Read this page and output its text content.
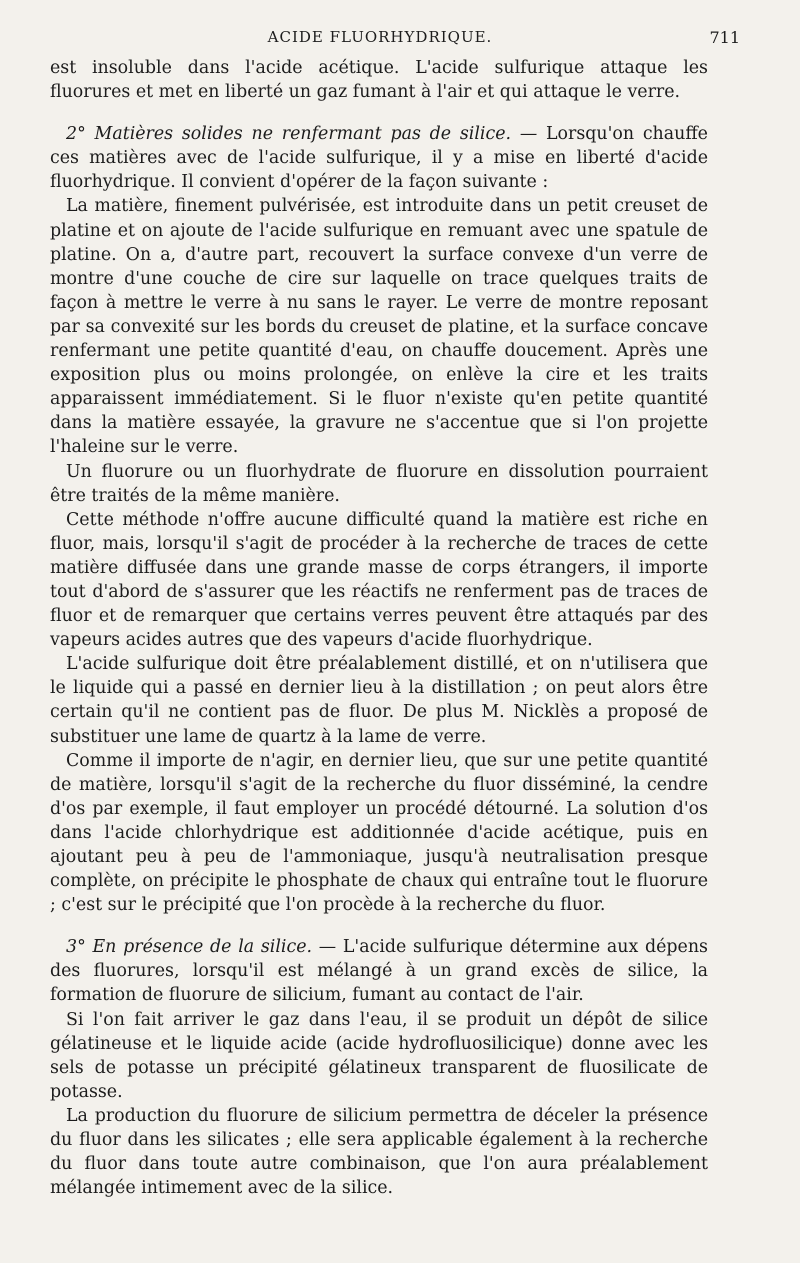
ACIDE FLUORHYDRIQUE.	711

est insoluble dans l'acide acétique. L'acide sulfurique attaque les fluorures et met en liberté un gaz fumant à l'air et qui attaque le verre.

2° Matières solides ne renfermant pas de silice. — Lorsqu'on chauffe ces matières avec de l'acide sulfurique, il y a mise en liberté d'acide fluorhydrique. Il convient d'opérer de la façon suivante :

La matière, finement pulvérisée, est introduite dans un petit creuset de platine et on ajoute de l'acide sulfurique en remuant avec une spatule de platine. On a, d'autre part, recouvert la surface convexe d'un verre de montre d'une couche de cire sur laquelle on trace quelques traits de façon à mettre le verre à nu sans le rayer. Le verre de montre reposant par sa convexité sur les bords du creuset de platine, et la surface concave renfermant une petite quantité d'eau, on chauffe doucement. Après une exposition plus ou moins prolongée, on enlève la cire et les traits apparaissent immédiatement. Si le fluor n'existe qu'en petite quantité dans la matière essayée, la gravure ne s'accentue que si l'on projette l'haleine sur le verre.

Un fluorure ou un fluorhydrate de fluorure en dissolution pourraient être traités de la même manière.

Cette méthode n'offre aucune difficulté quand la matière est riche en fluor, mais, lorsqu'il s'agit de procéder à la recherche de traces de cette matière diffusée dans une grande masse de corps étrangers, il importe tout d'abord de s'assurer que les réactifs ne renferment pas de traces de fluor et de remarquer que certains verres peuvent être attaqués par des vapeurs acides autres que des vapeurs d'acide fluorhydrique.

L'acide sulfurique doit être préalablement distillé, et on n'utilisera que le liquide qui a passé en dernier lieu à la distillation ; on peut alors être certain qu'il ne contient pas de fluor. De plus M. Nicklès a proposé de substituer une lame de quartz à la lame de verre.

Comme il importe de n'agir, en dernier lieu, que sur une petite quantité de matière, lorsqu'il s'agit de la recherche du fluor disséminé, la cendre d'os par exemple, il faut employer un procédé détourné. La solution d'os dans l'acide chlorhydrique est additionnée d'acide acétique, puis en ajoutant peu à peu de l'ammoniaque, jusqu'à neutralisation presque complète, on précipite le phosphate de chaux qui entraîne tout le fluorure ; c'est sur le précipité que l'on procède à la recherche du fluor.

3° En présence de la silice. — L'acide sulfurique détermine aux dépens des fluorures, lorsqu'il est mélangé à un grand excès de silice, la formation de fluorure de silicium, fumant au contact de l'air.

Si l'on fait arriver le gaz dans l'eau, il se produit un dépôt de silice gélatineuse et le liquide acide (acide hydrofluosilicique) donne avec les sels de potasse un précipité gélatineux transparent de fluosilicate de potasse.

La production du fluorure de silicium permettra de déceler la présence du fluor dans les silicates ; elle sera applicable également à la recherche du fluor dans toute autre combinaison, que l'on aura préalablement mélangée intimement avec de la silice.
